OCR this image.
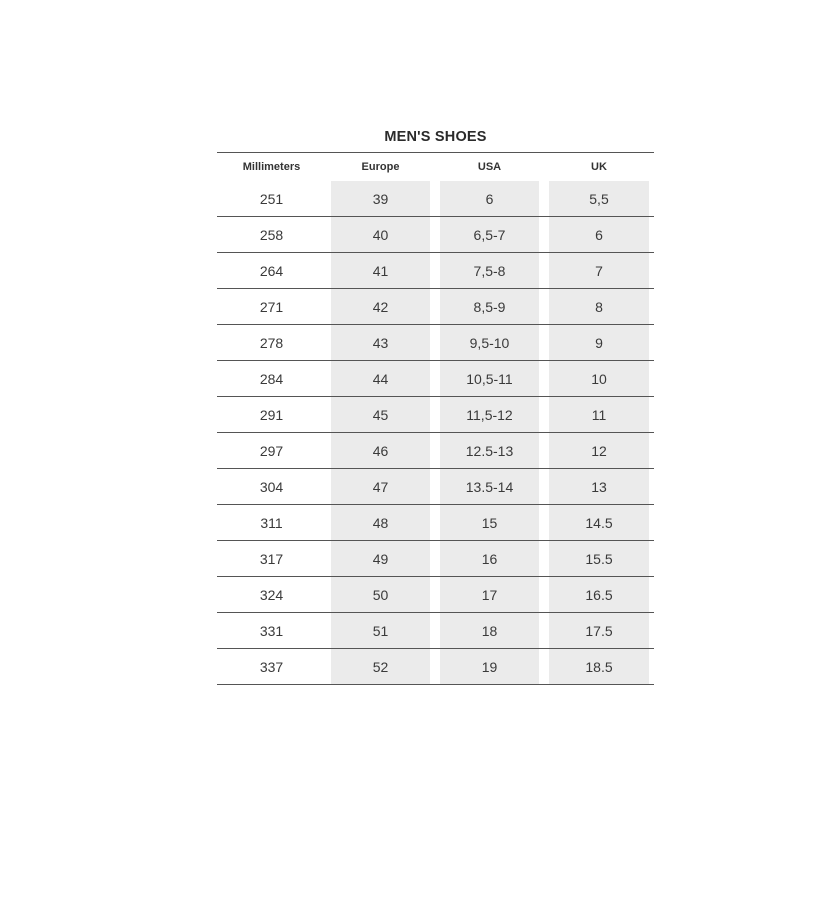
MEN'S SHOES
Millimeters	Europe	USA	UK
251	39	6	5,5
258	40	6,5-7	6
264	41	7,5-8	7
271	42	8,5-9	8
278	43	9,5-10	9
284	44	10,5-11	10
291	45	11,5-12	11
297	46	12.5-13	12
304	47	13.5-14	13
311	48	15	14.5
317	49	16	15.5
324	50	17	16.5
331	51	18	17.5
337	52	19	18.5
